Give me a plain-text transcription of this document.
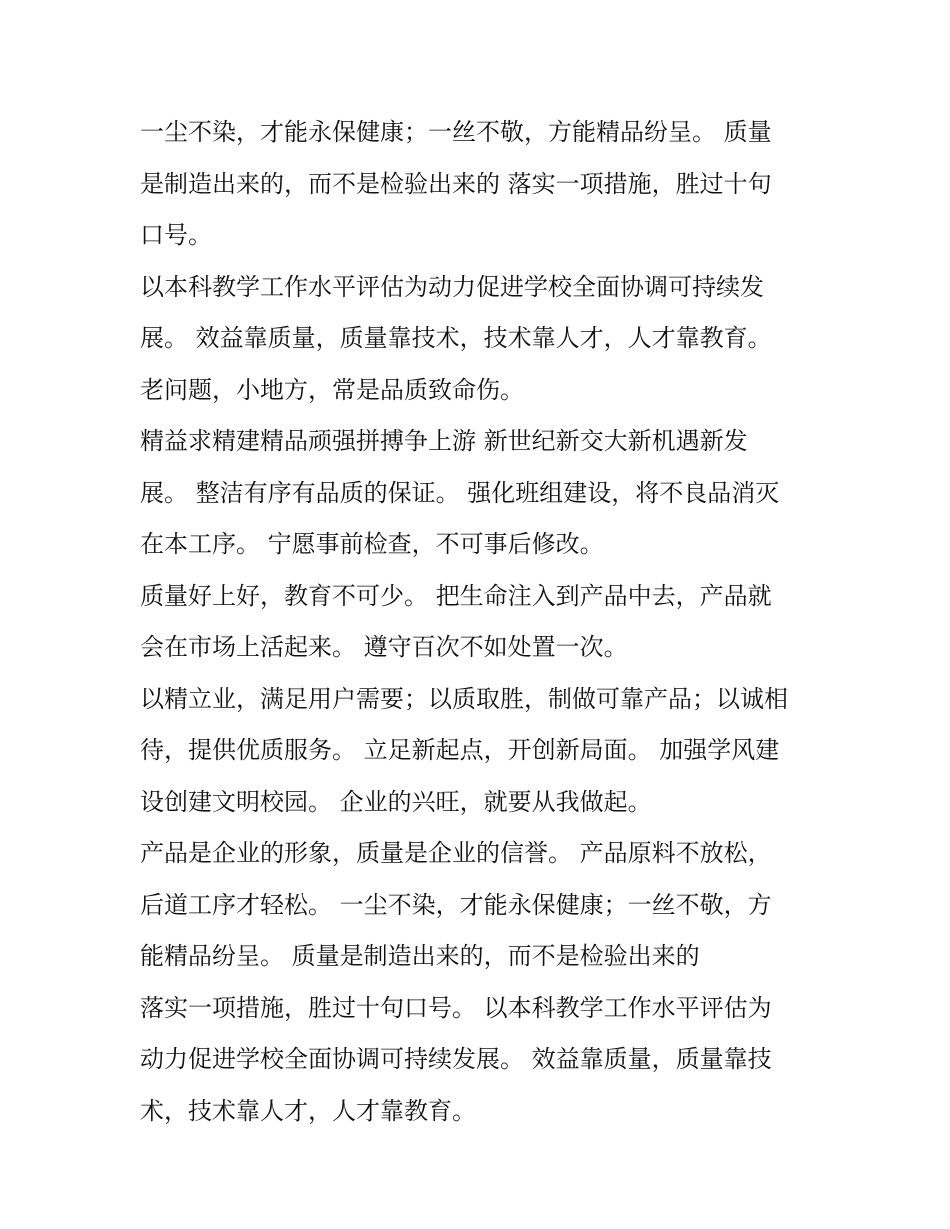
一尘不染，才能永保健康；一丝不敬，方能精品纷呈。 质量
是制造出来的，而不是检验出来的 落实一项措施，胜过十句
口号。
以本科教学工作水平评估为动力促进学校全面协调可持续发
展。 效益靠质量，质量靠技术，技术靠人才，人才靠教育。
老问题，小地方，常是品质致命伤。
精益求精建精品顽强拼搏争上游 新世纪新交大新机遇新发
展。 整洁有序有品质的保证。 强化班组建设，将不良品消灭
在本工序。 宁愿事前检查，不可事后修改。
质量好上好，教育不可少。 把生命注入到产品中去，产品就
会在市场上活起来。 遵守百次不如处置一次。
以精立业，满足用户需要；以质取胜，制做可靠产品；以诚相
待，提供优质服务。 立足新起点，开创新局面。 加强学风建
设创建文明校园。 企业的兴旺，就要从我做起。
产品是企业的形象，质量是企业的信誉。 产品原料不放松，
后道工序才轻松。 一尘不染，才能永保健康；一丝不敬，方
能精品纷呈。 质量是制造出来的，而不是检验出来的
落实一项措施，胜过十句口号。 以本科教学工作水平评估为
动力促进学校全面协调可持续发展。 效益靠质量，质量靠技
术，技术靠人才，人才靠教育。
